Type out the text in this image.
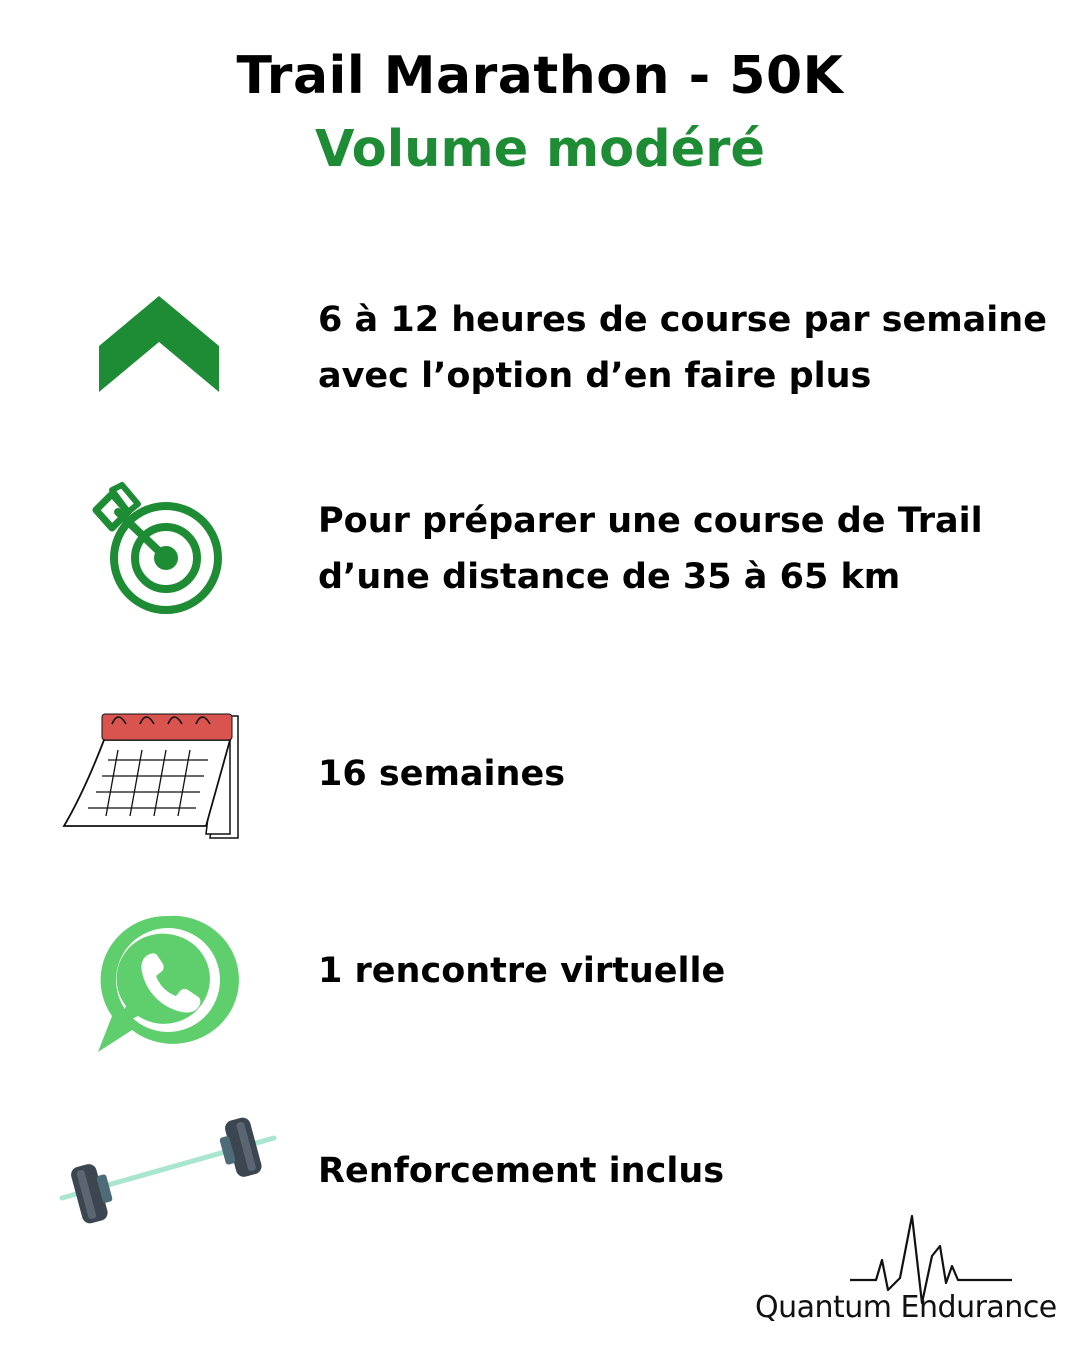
Trail Marathon - 50K
Volume modéré
6 à 12 heures de course par semaine
avec l’option d’en faire plus
Pour préparer une course de Trail
d’une distance de 35 à 65 km
16 semaines
1 rencontre virtuelle
Renforcement inclus
Quantum Endurance
